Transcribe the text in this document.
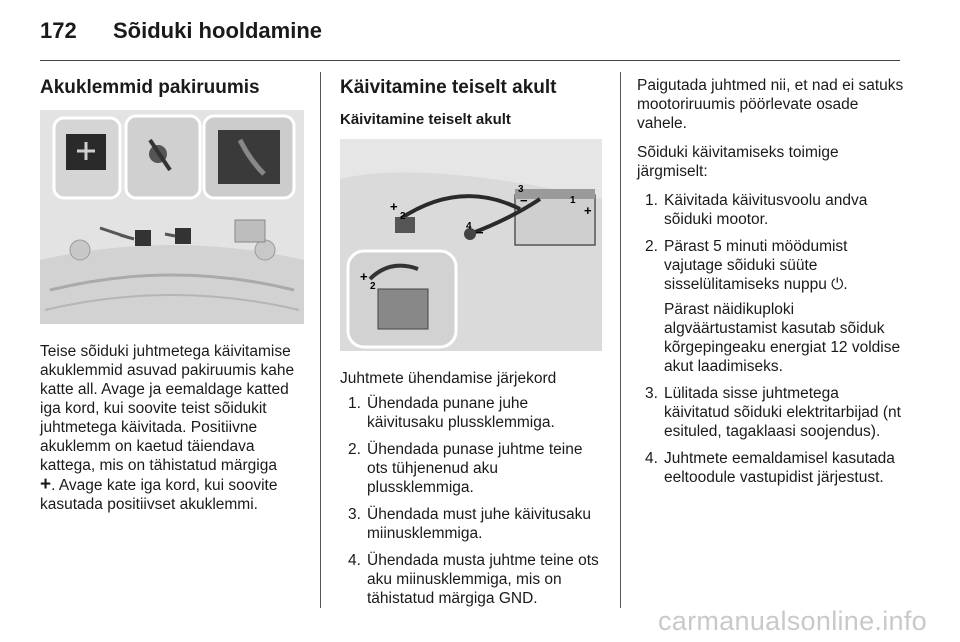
172	Sõiduki hooldamine
Akuklemmid pakiruumis

Teise sõiduki juhtmetega käivitamise akuklemmid asuvad pakiruumis kahe katte all. Avage ja eemaldage katted iga kord, kui soovite teist sõidukit juhtmetega käivitada. Positiivne akuklemm on kaetud täiendava kattega, mis on tähistatud märgiga
+. Avage kate iga kord, kui soovite kasutada positiivset akuklemmi.

Käivitamine teiselt akult
Käivitamine teiselt akult
3
1
+
−
+
2
4 −
+
2

Juhtmete ühendamise järjekord

1. Ühendada punane juhe käivitusaku plussklemmiga.
2. Ühendada punase juhtme teine ots tühjenenud aku plussklemmiga.
3. Ühendada must juhe käivitusaku miinusklemmiga.
4. Ühendada musta juhtme teine ots aku miinusklemmiga, mis on tähistatud märgiga GND.

Paigutada juhtmed nii, et nad ei satuks mootoriruumis pöörlevate osade vahele.

Sõiduki käivitamiseks toimige järgmiselt:

1. Käivitada käivitusvoolu andva sõiduki mootor.
2. Pärast 5 minuti möödumist vajutage sõiduki süüte sisselülitamiseks nuppu ⏻.

Pärast näidikuploki algväärtustamist kasutab sõiduk kõrgepingeaku energiat 12 voldise akut laadimiseks.

3. Lülitada sisse juhtmetega käivitatud sõiduki elektritarbijad (nt esituled, tagaklaasi soojendus).
4. Juhtmete eemaldamisel kasutada eeltoodule vastupidist järjestust.
carmanualsonline.info
